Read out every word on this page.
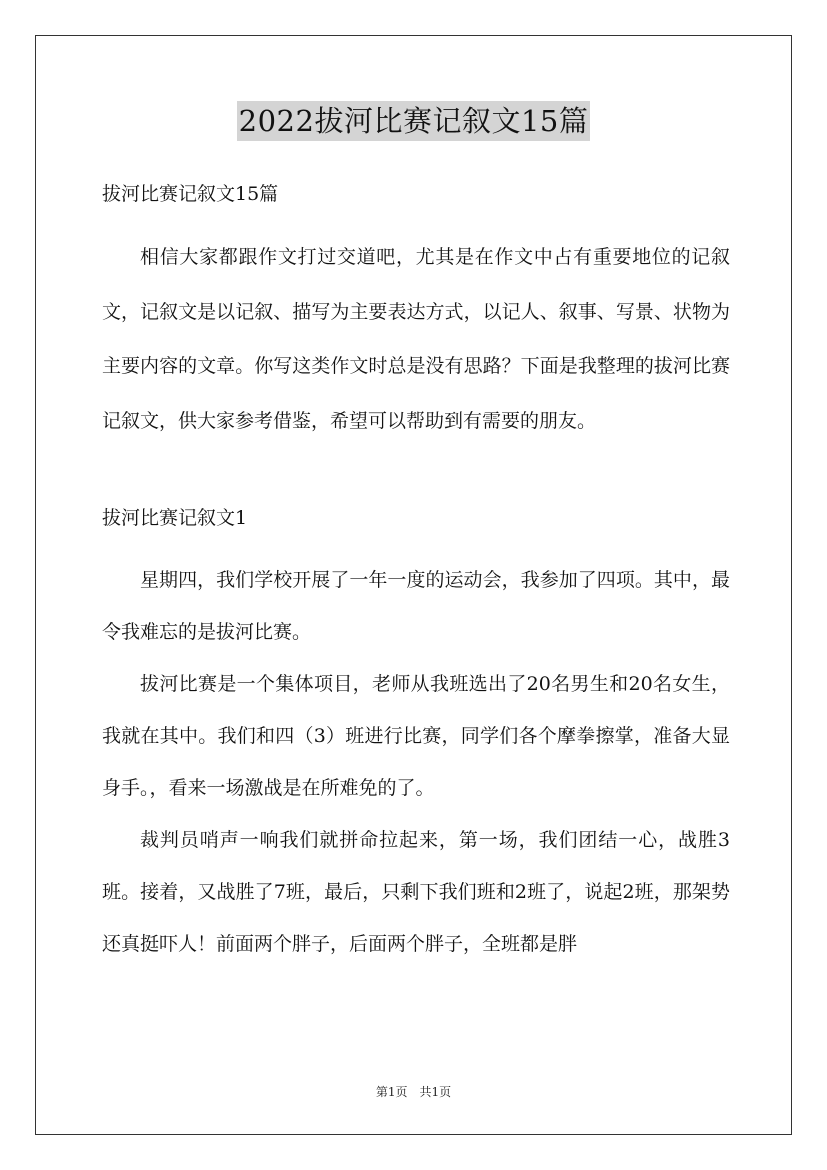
2022拔河比赛记叙文15篇
拔河比赛记叙文15篇

相信大家都跟作文打过交道吧，尤其是在作文中占有重要地位的记叙文，记叙文是以记叙、描写为主要表达方式，以记人、叙事、写景、状物为主要内容的文章。你写这类作文时总是没有思路？下面是我整理的拔河比赛记叙文，供大家参考借鉴，希望可以帮助到有需要的朋友。

拔河比赛记叙文1

星期四，我们学校开展了一年一度的运动会，我参加了四项。其中，最令我难忘的是拔河比赛。

拔河比赛是一个集体项目，老师从我班选出了20名男生和20名女生，我就在其中。我们和四（3）班进行比赛，同学们各个摩拳擦掌，准备大显身手。，看来一场激战是在所难免的了。

裁判员哨声一响我们就拼命拉起来，第一场，我们团结一心，战胜3班。接着，又战胜了7班，最后，只剩下我们班和2班了，说起2班，那架势还真挺吓人！前面两个胖子，后面两个胖子，全班都是胖

第1页　共1页
